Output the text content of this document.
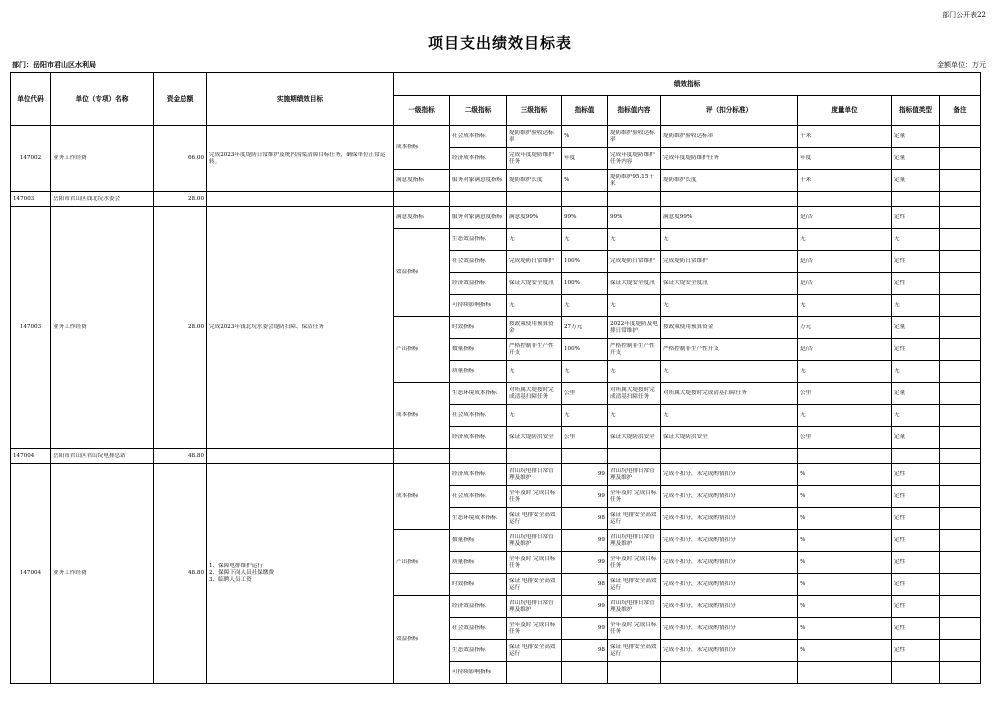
部门公开表22
项目支出绩效目标表
部门：岳阳市君山区水利局	金额单位：万元
单位代码	单位（专项）名称	资金总额	实施期绩效目标	绩效指标								
				一级指标	二级指标	三级指标	指标值	指标值内容	评（扣分标准）	度量单位	指标值类型	备注

147002	业务工作经费	66.00	完成2023年度堤防日常维护及统内沟渠清障目标任务，确保单位正常运转。	成本指标	社会成本指标	堤防维护验收达标率	%	堤防维护验收达标率	堤防维护验收达标率	千米	定量	

					经济成本指标	完成年度堤防维护任务	年度	完成年度堤防维护任务内容	完成年度堤防维护任务	年度	定量	

				满意度指标	服务对象满意度指标	堤防维护长度	%	堤防维护95.15千米	堤防维护长度	千米	定量	

147003	岳阳市君山区钱北垸水委会	28.00										

147003	业务工作经费	28.00	完成2023年钱北垸水委会堤防扫障、保洁任务	满意度指标	服务对象满意度指标	满意度99%	99%	99%	满意度99%	是/否	定性	

				效益指标	生态效益指标	无	无	无	无	无	无	

					社会效益指标	完成堤防日常维护	100%	完成堤防日常维护	完成堤防日常维护	是/否	定性	

					经济效益指标	保证大堤安全度汛	100%	保证大堤安全度汛	保证大堤安全度汛	是/否	定性	

					可持续影响指标	无	无	无	无	无	无	

				产出指标	时效指标	按政策使用预算资金	27万元	2022年度堤防及电排日常维护	按政策使用预算资金	万元	定量	

					数量指标	严格控制非生产性开支	100%	严格控制非生产性开支	严格控制非生产性开支	是/否	定性	

					质量指标	无	无	无	无	无	无	

				成本指标	生态环境成本指标	对所属大堤按时完成清基扫障任务	公里	对所属大堤按时完成清基扫障任务	对所属大堤按时完成清基扫障任务	公里	定量	

					社会成本指标	无	无	无	无	无	无	

					经济成本指标	保证大堤防洪安全	公里	保证大堤防洪安全	保证大堤防洪安全	公里	定量	

147004	岳阳市君山区君山垸电排总站	48.80										

147004	业务工作经费	48.80	1、保障电排维护运行
2、保障下岗人员社保缴费
3、临聘人员工资	成本指标	经济成本指标	君山垸电排日常管理及维护	99	君山垸电排日常管理及维护	完成不扣分，未完成酌情扣分	%	定性	

					社会成本指标	全年及时 完成目标任务	99	全年及时 完成目标任务	完成不扣分，未完成酌情扣分	%	定性	

					生态环境成本指标	保证 电排安全高效运行	98	保证 电排安全高效运行	完成不扣分，未完成酌情扣分	%	定性	

				产出指标	数量指标	君山垸电排日常管理及维护	99	君山垸电排日常管理及维护	完成不扣分，未完成酌情扣分	%	定性	

					质量指标	全年及时 完成目标任务	99	全年及时 完成目标任务	完成不扣分，未完成酌情扣分	%	定性	

					时效指标	保证 电排安全高效运行	98	保证 电排安全高效运行	完成不扣分，未完成酌情扣分	%	定性	

				效益指标	经济效益指标	君山垸电排日常管理及维护	99	君山垸电排日常管理及维护	完成不扣分，未完成酌情扣分	%	定性	

					社会效益指标	全年及时 完成目标任务	99	全年及时 完成目标任务	完成不扣分，未完成酌情扣分	%	定性	

					生态效益指标	保证 电排安全高效运行	98	保证 电排安全高效运行	完成不扣分，未完成酌情扣分	%	定性	

					可持续影响指标							
